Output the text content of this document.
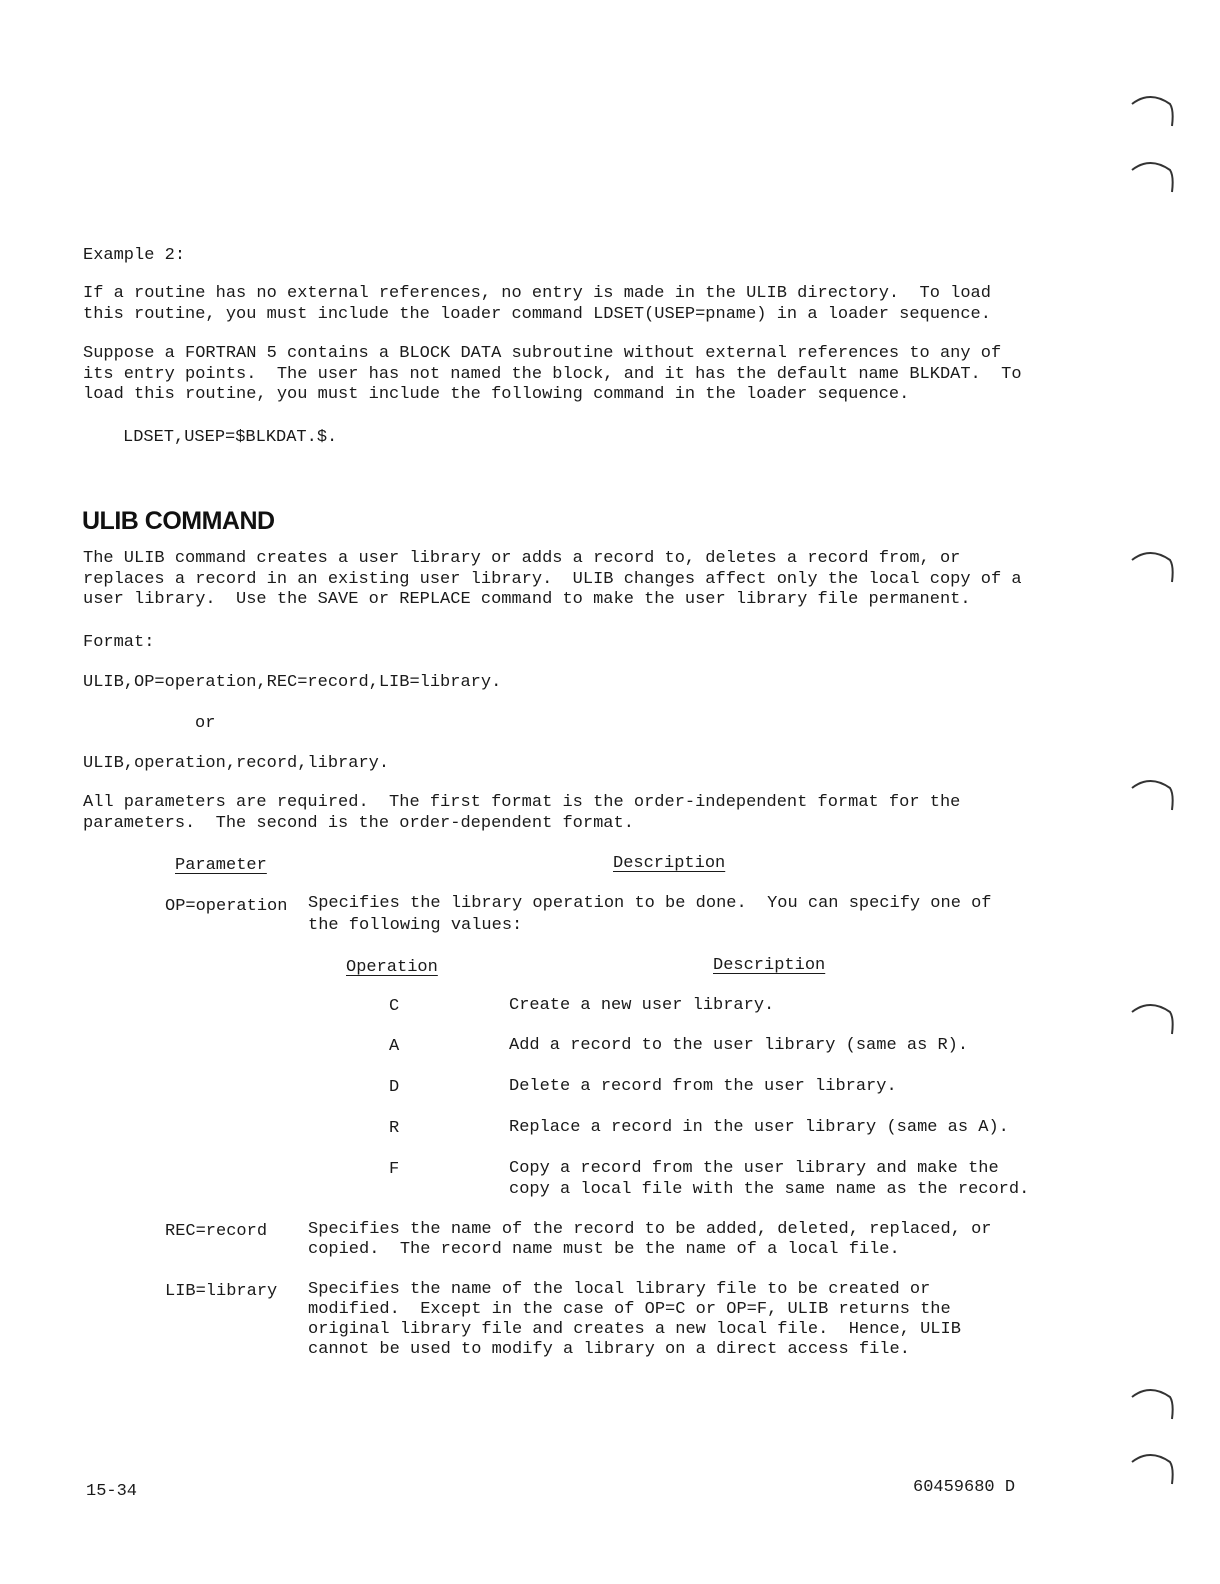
Example 2:
If a routine has no external references, no entry is made in the ULIB directory.  To load
this routine, you must include the loader command LDSET(USEP=pname) in a loader sequence.
Suppose a FORTRAN 5 contains a BLOCK DATA subroutine without external references to any of
its entry points.  The user has not named the block, and it has the default name BLKDAT.  To
load this routine, you must include the following command in the loader sequence.
LDSET,USEP=$BLKDAT.$.
ULIB COMMAND
The ULIB command creates a user library or adds a record to, deletes a record from, or
replaces a record in an existing user library.  ULIB changes affect only the local copy of a
user library.  Use the SAVE or REPLACE command to make the user library file permanent.
Format:
ULIB,OP=operation,REC=record,LIB=library.
or
ULIB,operation,record,library.
All parameters are required.  The first format is the order-independent format for the
parameters.  The second is the order-dependent format.
Parameter	Description
OP=operation Specifies the library operation to be done.  You can specify one of
the following values:
Operation	Description
C	Create a new user library.
A	Add a record to the user library (same as R).
D	Delete a record from the user library.
R	Replace a record in the user library (same as A).
F	Copy a record from the user library and make the
copy a local file with the same name as the record.
REC=record Specifies the name of the record to be added, deleted, replaced, or
copied.  The record name must be the name of a local file.
LIB=library Specifies the name of the local library file to be created or
modified.  Except in the case of OP=C or OP=F, ULIB returns the
original library file and creates a new local file.  Hence, ULIB
cannot be used to modify a library on a direct access file.
15-34	60459680 D
